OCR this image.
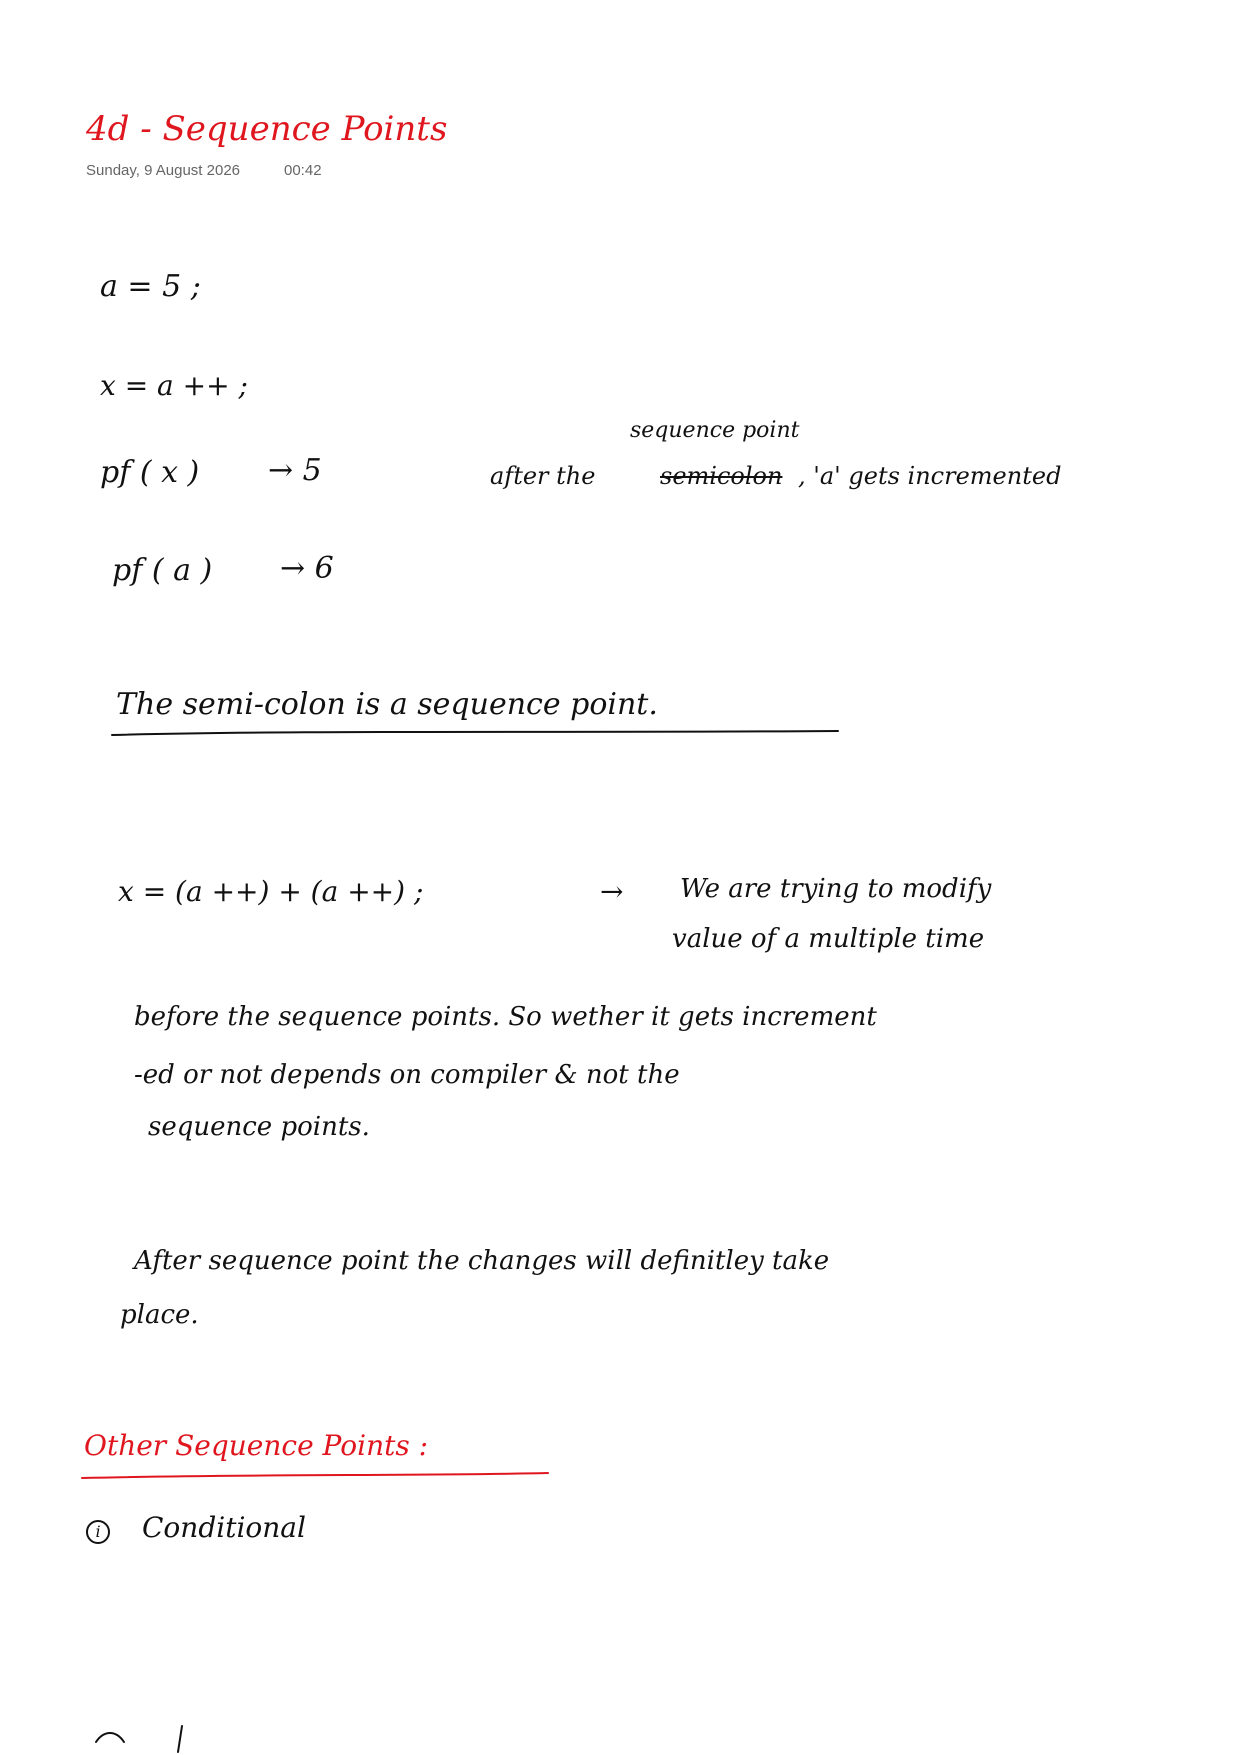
4d - Sequence Points
Sunday, 9 August 2026	00:42
a = 5 ;
x = a ++ ;
pf ( x ) → 5
pf ( a ) → 6
sequence point
after the	semicolon , 'a' gets incremented
The semi-colon is a sequence point.
x = (a ++) + (a ++) ;	→ We are trying to modify
value of a multiple time
before the sequence points. So wether it gets increment
-ed or not depends on compiler & not the
sequence points.
After sequence point the changes will definitley take
place.
Other Sequence Points :
i	Conditional
